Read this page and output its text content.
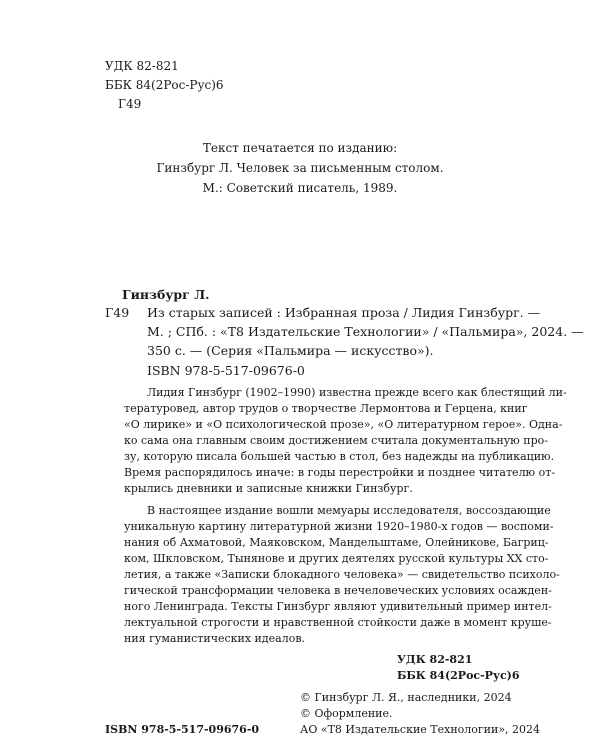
УДК 82-821
ББК 84(2Рос-Рус)6
Г49
Текст печатается по изданию:
Гинзбург Л. Человек за письменным столом.
М.: Советский писатель, 1989.
Гинзбург Л.
Г49 Из старых записей : Избранная проза / Лидия Гинзбург. —
М. ; СПб. : «Т8 Издательские Технологии» / «Пальмира», 2024. —
350 с. — (Серия «Пальмира — искусство»).
ISBN 978-5-517-09676-0
Лидия Гинзбург (1902–1990) известна прежде всего как блестящий ли-
тературовед, автор трудов о творчестве Лермонтова и Герцена, книг
«О лирике» и «О психологической прозе», «О литературном герое». Одна-
ко сама она главным своим достижением считала документальную про-
зу, которую писала большей частью в стол, без надежды на публикацию.
Время распорядилось иначе: в годы перестройки и позднее читателю от-
крылись дневники и записные книжки Гинзбург.
В настоящее издание вошли мемуары исследователя, воссоздающие
уникальную картину литературной жизни 1920–1980-х годов — воспоми-
нания об Ахматовой, Маяковском, Мандельштаме, Олейникове, Багриц-
ком, Шкловском, Тынянове и других деятелях русской культуры XX сто-
летия, а также «Записки блокадного человека» — свидетельство психоло-
гической трансформации человека в нечеловеческих условиях осажден-
ного Ленинграда. Тексты Гинзбург являют удивительный пример интел-
лектуальной строгости и нравственной стойкости даже в момент круше-
ния гуманистических идеалов.
УДК 82-821
ББК 84(2Рос-Рус)6
© Гинзбург Л. Я., наследники, 2024
© Оформление.
АО «Т8 Издательские Технологии», 2024
ISBN 978-5-517-09676-0
